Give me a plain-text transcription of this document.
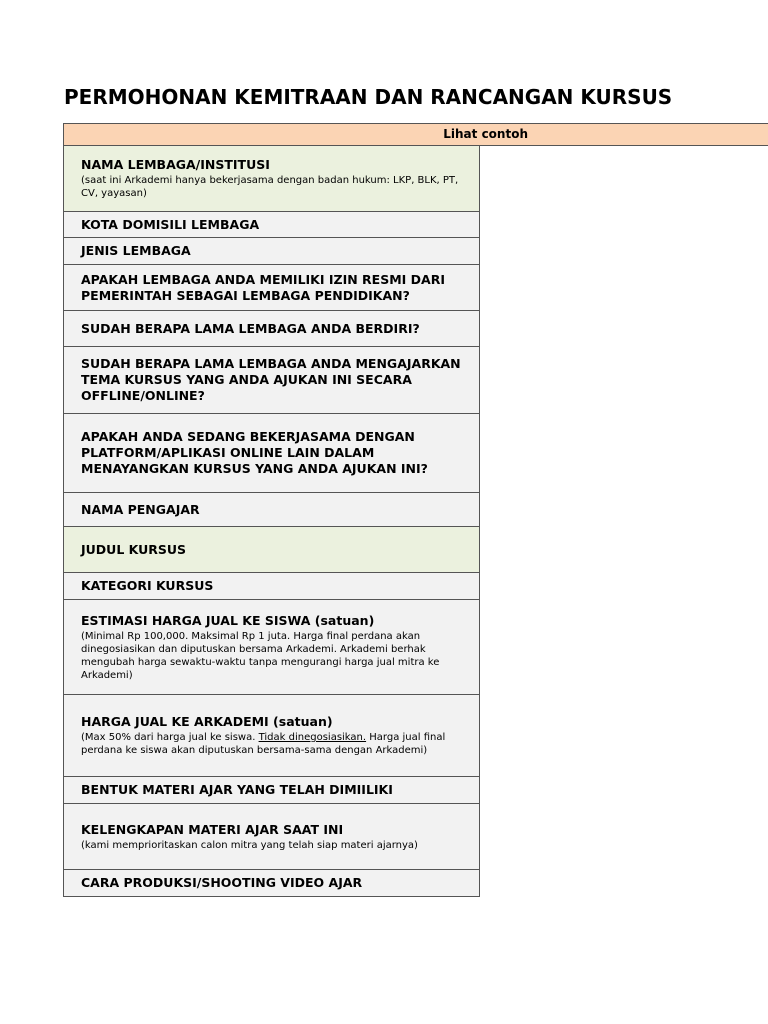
PERMOHONAN KEMITRAAN DAN RANCANGAN KURSUS
Lihat contoh
NAMA LEMBAGA/INSTITUSI
(saat ini Arkademi hanya bekerjasama dengan badan hukum: LKP, BLK, PT, CV, yayasan)
KOTA DOMISILI LEMBAGA
JENIS LEMBAGA
APAKAH LEMBAGA ANDA MEMILIKI IZIN RESMI DARI PEMERINTAH SEBAGAI LEMBAGA PENDIDIKAN?
SUDAH BERAPA LAMA LEMBAGA ANDA BERDIRI?
SUDAH BERAPA LAMA LEMBAGA ANDA MENGAJARKAN TEMA KURSUS YANG ANDA AJUKAN INI SECARA OFFLINE/ONLINE?
APAKAH ANDA SEDANG BEKERJASAMA DENGAN PLATFORM/APLIKASI ONLINE LAIN DALAM MENAYANGKAN KURSUS YANG ANDA AJUKAN INI?
NAMA PENGAJAR
JUDUL KURSUS
KATEGORI KURSUS
ESTIMASI HARGA JUAL KE SISWA (satuan)
(Minimal Rp 100,000. Maksimal Rp 1 juta. Harga final perdana akan dinegosiasikan dan diputuskan bersama Arkademi. Arkademi berhak mengubah harga sewaktu-waktu tanpa mengurangi harga jual mitra ke Arkademi)
HARGA JUAL KE ARKADEMI (satuan)
(Max 50% dari harga jual ke siswa. Tidak dinegosiasikan. Harga jual final perdana ke siswa akan diputuskan bersama-sama dengan Arkademi)
BENTUK MATERI AJAR YANG TELAH DIMIILIKI
KELENGKAPAN MATERI AJAR SAAT INI
(kami memprioritaskan calon mitra yang telah siap materi ajarnya)
CARA PRODUKSI/SHOOTING VIDEO AJAR
